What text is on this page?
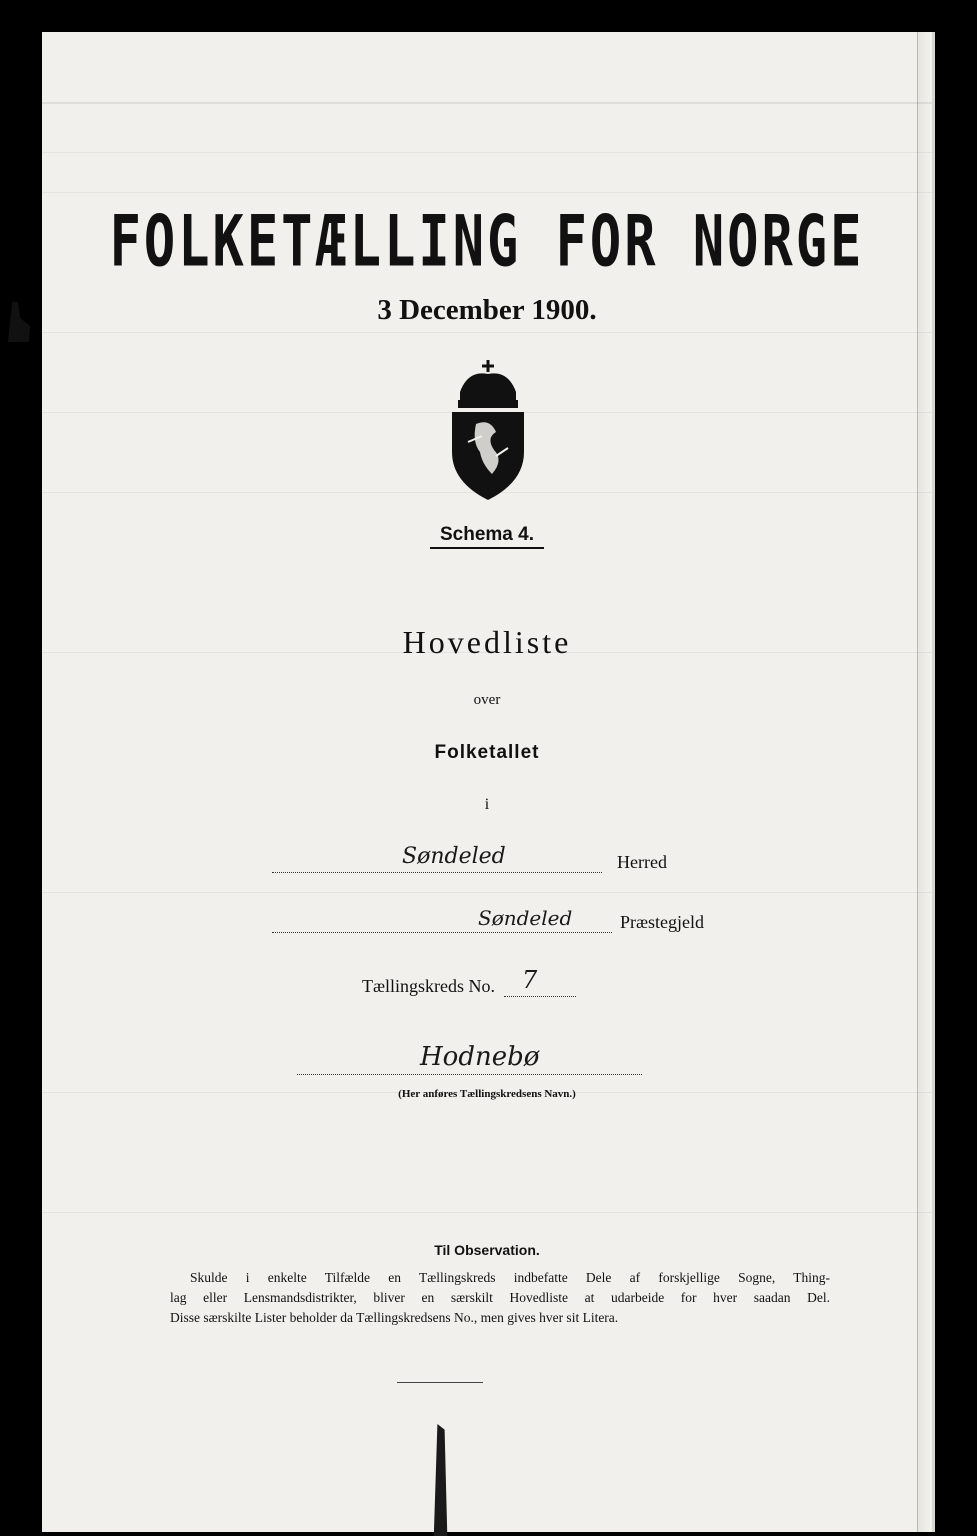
FOLKETÆLLING FOR NORGE
3 December 1900.
Schema 4.
Hovedliste
over
Folketallet
i
Søndeled	Herred
Søndeled	Præstegjeld
Tællingskreds No. 7
Hodnebø
(Her anføres Tællingskredsens Navn.)
Til Observation.
Skulde i enkelte Tilfælde en Tællingskreds indbefatte Dele af forskjellige Sogne, Thing-
lag eller Lensmandsdistrikter, bliver en særskilt Hovedliste at udarbeide for hver saadan Del.
Disse særskilte Lister beholder da Tællingskredsens No., men gives hver sit Litera.
